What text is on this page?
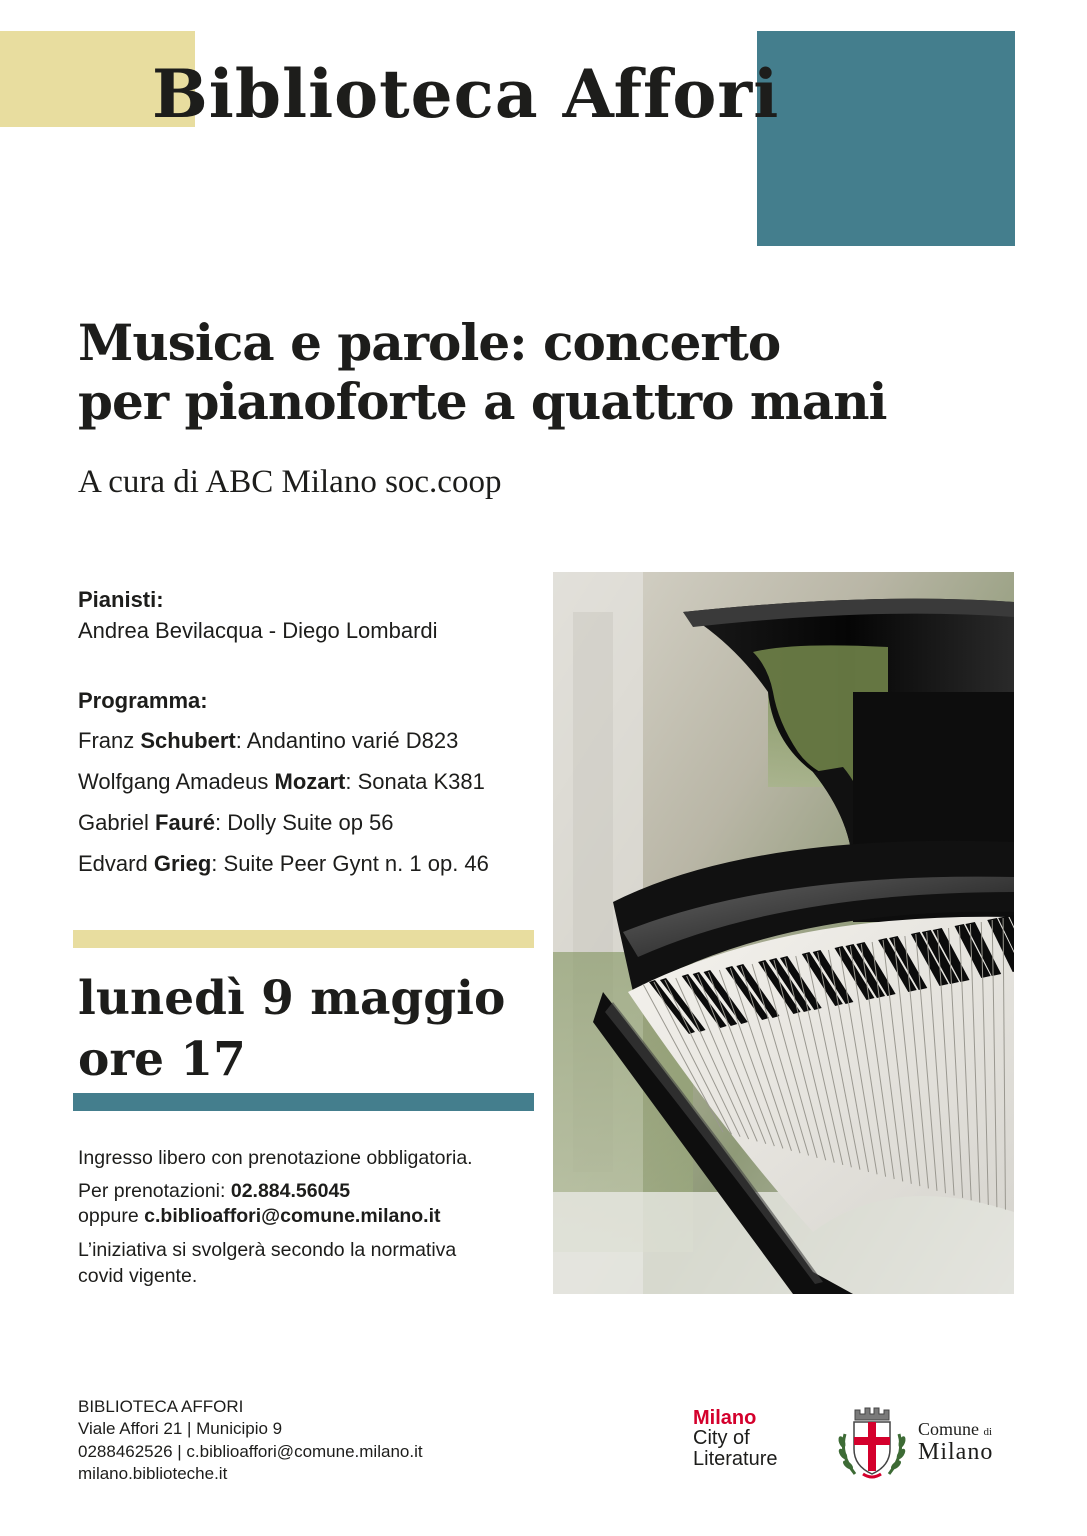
Biblioteca Affori
Musica e parole: concerto
per pianoforte a quattro mani
A cura di ABC Milano soc.coop
Pianisti:
Andrea Bevilacqua - Diego Lombardi
Programma:
Franz Schubert: Andantino varié D823
Wolfgang Amadeus Mozart: Sonata K381
Gabriel Fauré: Dolly Suite op 56
Edvard Grieg: Suite Peer Gynt n. 1 op. 46
lunedì 9 maggio
ore 17
Ingresso libero con prenotazione obbligatoria.
Per prenotazioni: 02.884.56045
oppure c.biblioaffori@comune.milano.it
L’iniziativa si svolgerà secondo la normativa
covid vigente.
BIBLIOTECA AFFORI
Viale Affori 21 | Municipio 9
0288462526 | c.biblioaffori@comune.milano.it
milano.biblioteche.it
Milano
City of
Literature
Comune di
Milano
